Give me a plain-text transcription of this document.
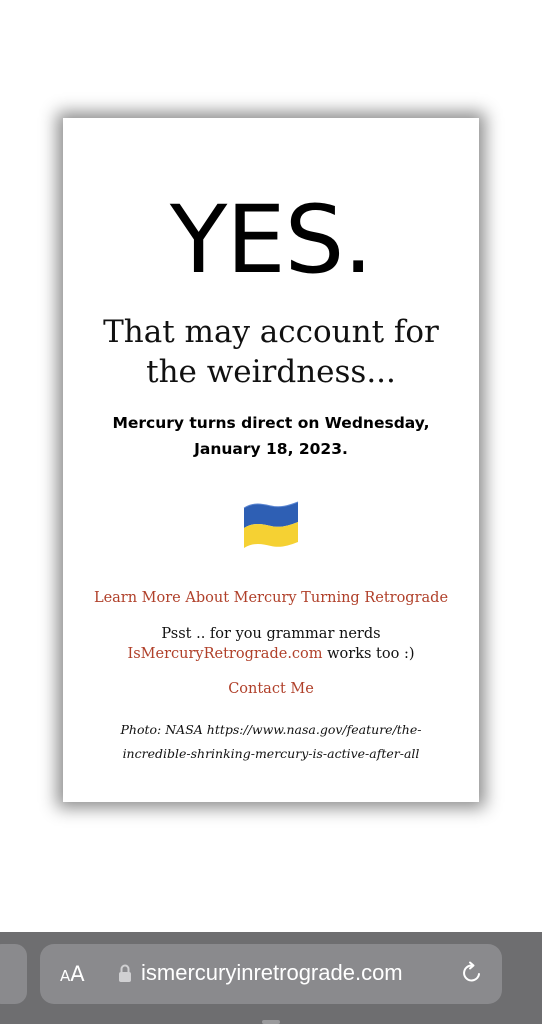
YES.
That may account for the weirdness...
Mercury turns direct on Wednesday, January 18, 2023.
Learn More About Mercury Turning Retrograde
Psst .. for you grammar nerds
IsMercuryRetrograde.com works too :)
Contact Me
Photo: NASA https://www.nasa.gov/feature/the-incredible-shrinking-mercury-is-active-after-all
AA	ismercuryinretrograde.com
